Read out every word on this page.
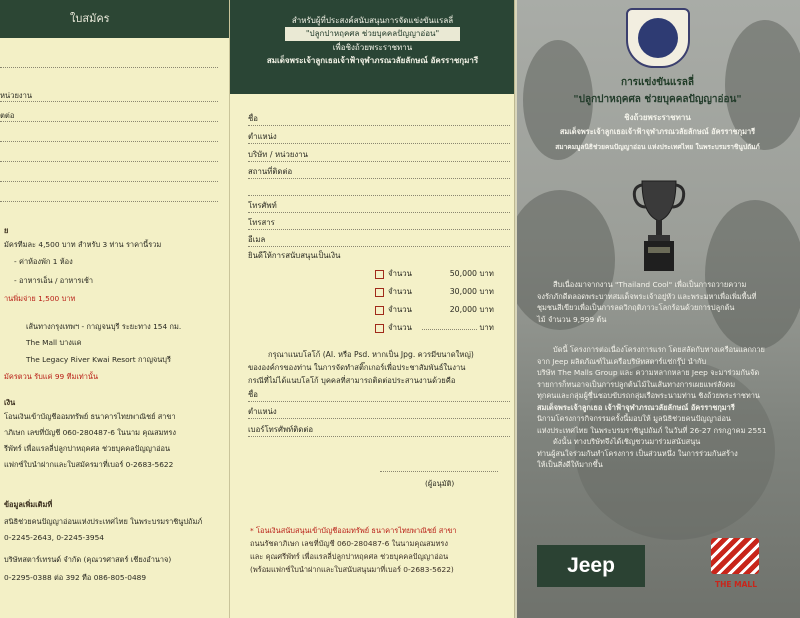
ใบสมัคร
หน่วยงาน
ตต่อ
ย
มัครทีมละ 4,500 บาท สำหรับ 3 ท่าน ราคานี้รวม
- ค่าห้องพัก 1 ห้อง
- อาหารเอ็น / อาหารเช้า
านพิ่มจ่าย 1,500 บาท
เส้นทางกรุงเทพฯ - กาญจนบุรี ระยะทาง 154 กม.
The Mall บางแค
The Legacy River Kwai Resort กาญจนบุรี
มัครตวน รับแค่ 99 ทีมเท่านั้น
เงิน
โอนเงินเข้าบัญชีออมทรัพย์ ธนาคารไทยพาณิชย์ สาขา
าภิเษก เลขที่บัญชี 060-280487-6 ในนาม คุณสมทรง
รีพัทร์ เพื่อแรลลี่ปลูกปาหฤคศล ช่วยบุคคลปัญญาอ่อน
แฟกซ์ใบนำฝากและใบสมัครมาที่เบอร์ 0-2683-5622
ข้อมูลเพิ่มเติมที่
สนิธิช่วยคนปัญญาอ่อนแห่งประเทศไทย ในพระบรมราชินูปถัมภ์
0-2245-2643, 0-2245-3954
บริษัทสตาร์เทรนด์ จำกัด (คุณวรศาสตร์ เชียงอำนาจ)
0-2295-0388 ต่อ 392 ทือ 086-805-0489
สำหรับผู้ที่ประสงค์สนับสนุนการจัดแข่งขันแรลลี่
"ปลูกปาหฤคศล ช่วยบุคคลปัญญาอ่อน"
เพื่อชิงถ้วยพระราชทาน
สมเด็จพระเจ้าลูกเธอเจ้าฟ้าจุฬาภรณวลัยลักษณ์ อัครราชกุมารี
ชื่อ
ตำแหน่ง
บริษัท / หน่วยงาน
สถานที่ติดต่อ
โทรศัพท์
โทรสาร
อีเมล
ยินดีให้การสนับสนุนเป็นเงิน
จำนวน	50,000 บาท
จำนวน	30,000 บาท
จำนวน	20,000 บาท
จำนวน	บาท
กรุณาแนบโลโก้ (AI. หรือ Psd. หากเป็น Jpg. ควรมีขนาดใหญ่)
ขององค์กรของท่าน ในการจัดทำสติ๊กเกอร์เพื่อประชาสัมพันธ์ในงาน
กรณีที่ไม่ได้แนบโลโก้ บุคคลที่สามารถติดต่อประสานงานด้วยคือ
ชื่อ
ตำแหน่ง
เบอร์โทรศัพท์ติดต่อ
(ผู้อนุมัติ)
* โอนเงินสนับสนุนเข้าบัญชีออมทรัพย์ ธนาคารไทยพาณิชย์ สาขา
ถนนรัชดาภิเษก เลขที่บัญชี 060-280487-6 ในนามคุณสมทรง
และ คุณศรีพัทร์ เพื่อแรลลี่ปลูกปาหฤคศล ช่วยบุคคลปัญญาอ่อน
(พร้อมแฟกซ์ใบนำฝากและใบสนับสนุนมาที่เบอร์ 0-2683-5622)
การแข่งขันแรลลี่
"ปลูกปาหฤคศล ช่วยบุคคลปัญญาอ่อน"
ชิงถ้วยพระราชทาน
สมเด็จพระเจ้าลูกเธอเจ้าฟ้าจุฬาภรณวลัยลักษณ์ อัครราชกุมารี
สมาคมมูลนิธิช่วยคนปัญญาอ่อน แห่งประเทศไทย ในพระบรมราชินูปถัมภ์
สืบเนื่องมาจากงาน "Thailand Cool" เพื่อเป็นการถวายความ
จงรักภักดีตลอดพระบาทสมเด็จพระเจ้าอยู่หัว และพระมหาเพื่อเพิ่มพื้นที่
ชุมชนสีเขียวเพื่อเป็นการลดวิกฤติภาวะโลกร้อนด้วยการปลูกต้น
ไม้ จำนวน 9,999 ต้น
บัดนี้ โครงการต่อเนื่องโครงการแรก โดยสลัดกับทางเครือนแลกกาย
จาก Jeep ผลิตภัณฑ์ในเครือบริษัทสตาร์แซ่กรุ๊ป นำกับ
บริษัท The Malls Group และ ความหลากหลาย Jeep จะมาร่วมกันจัด
รายการก็ทนอาจเป็นการปลูกต้นไม้ในเส้นทางการเผยแพร่สังคม
ทุกคนและกลุ่มผู้ชื่นชอบขับรถกลุ่มเรือพระนามท่าน ชิงถ้วยพระราชทาน
สมเด็จพระเจ้าลูกเธอ เจ้าฟ้าจุฬาภรณวลัยลักษณ์ อัครราชกุมารี
นิกามโครงการกิจกรรมครั้งนี้มอบให้ มูลนิธิช่วยคนปัญญาอ่อน
แห่งประเทศไทย ในพระบรมราชินูปถัมภ์ ในวันที่ 26-27 กรกฎาคม 2551
ดังนั้น ทางบริษัทจึงได้เชิญชวนมาร่วมสนับสนุน
ท่านผู้สนใจร่วมกันทำโครงการ เป็นส่วนหนึ่ง ในการร่วมกันสร้าง
ให้เป็นสิ่งดีให้มากขึ้น
Jeep
THE MALL
